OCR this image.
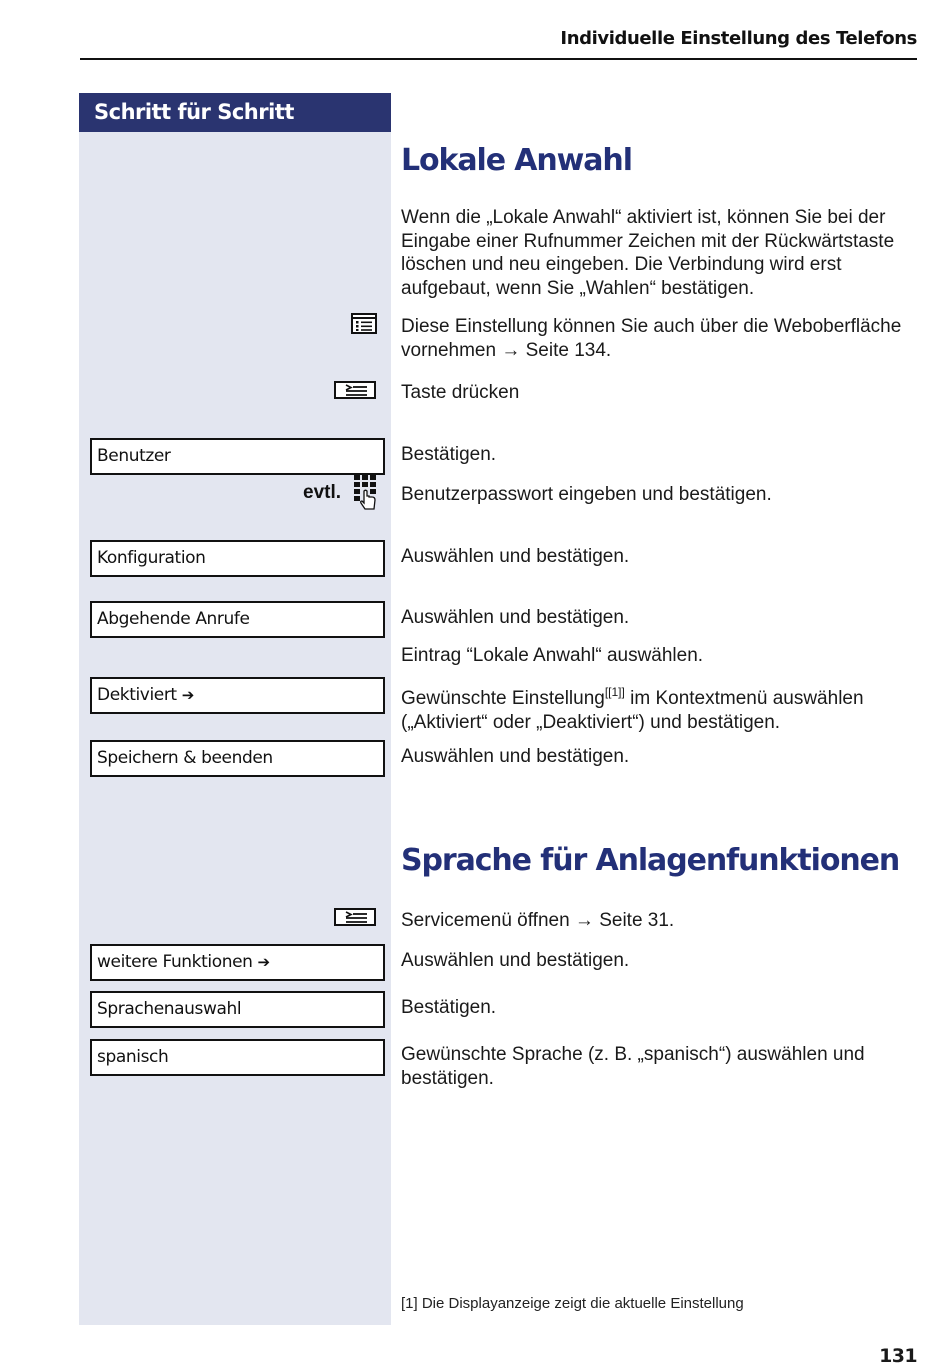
Individuelle Einstellung des Telefons
Schritt für Schritt
Lokale Anwahl
Wenn die „Lokale Anwahl“ aktiviert ist, können Sie bei der Eingabe einer Rufnummer Zeichen mit der Rückwärtstaste löschen und neu eingeben. Die Verbindung wird erst aufgebaut, wenn Sie „Wahlen“ bestätigen.
Diese Einstellung können Sie auch über die Weboberfläche vornehmen → Seite 134.
Taste drücken
Benutzer	Bestätigen.
evtl.	Benutzerpasswort eingeben und bestätigen.
Konfiguration	Auswählen und bestätigen.
Abgehende Anrufe	Auswählen und bestätigen.
Eintrag “Lokale Anwahl“ auswählen.
Dektiviert ➔	Gewünschte Einstellung[[1]] im Kontextmenü auswählen („Aktiviert“ oder „Deaktiviert“) und bestätigen.
Speichern & beenden	Auswählen und bestätigen.
Sprache für Anlagenfunktionen
Servicemenü öffnen → Seite 31.
weitere Funktionen ➔	Auswählen und bestätigen.
Sprachenauswahl	Bestätigen.
spanisch	Gewünschte Sprache (z. B. „spanisch“) auswählen und bestätigen.
[1] Die Displayanzeige zeigt die aktuelle Einstellung
131
